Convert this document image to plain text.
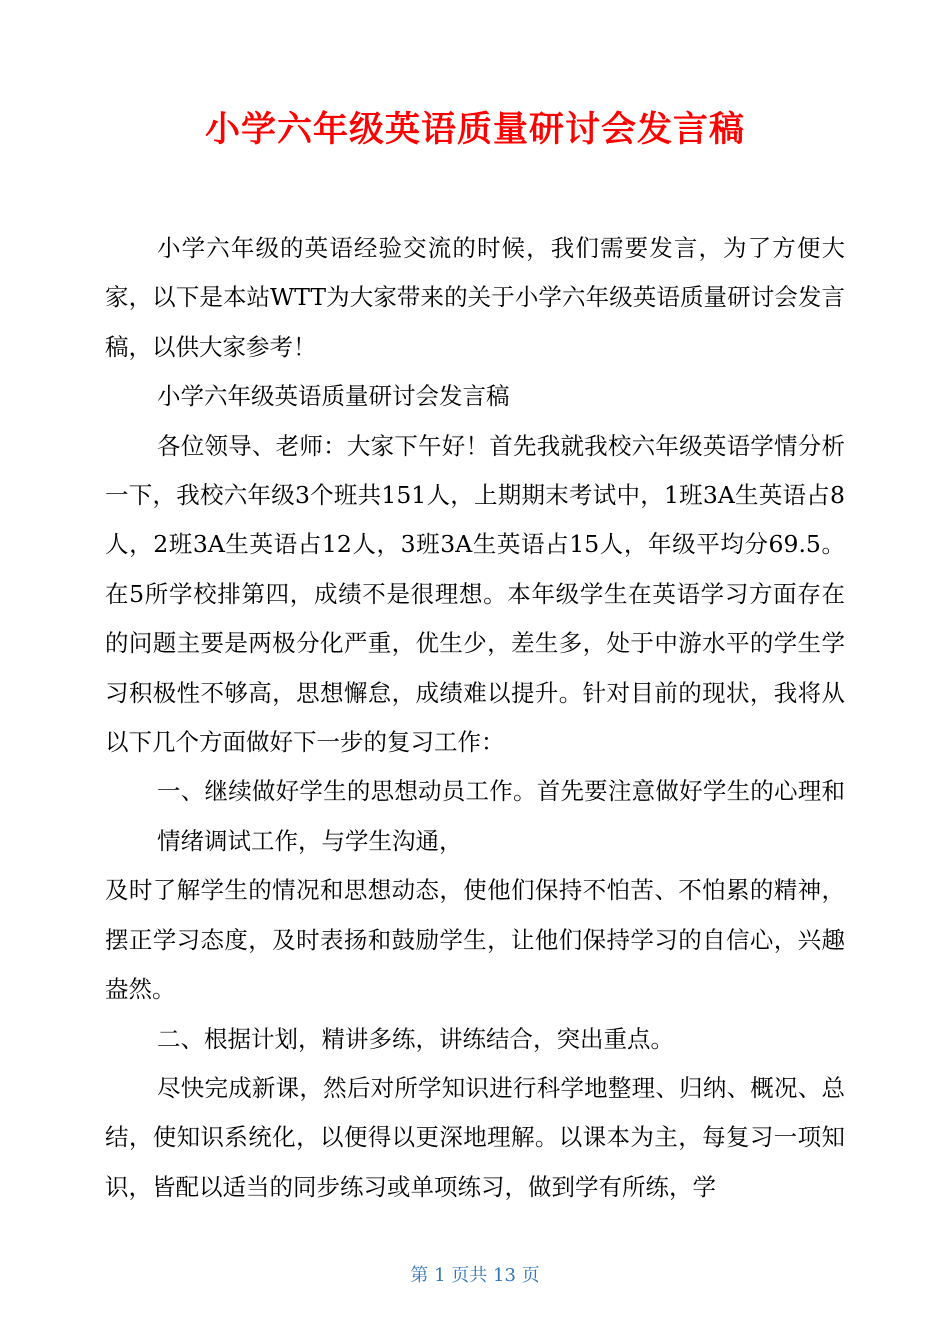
小学六年级英语质量研讨会发言稿

小学六年级的英语经验交流的时候，我们需要发言，为了方便大家，以下是本站WTT为大家带来的关于小学六年级英语质量研讨会发言稿，以供大家参考！

小学六年级英语质量研讨会发言稿

各位领导、老师：大家下午好！首先我就我校六年级英语学情分析一下，我校六年级3个班共151人，上期期末考试中，1班3A生英语占8人，2班3A生英语占12人，3班3A生英语占15人，年级平均分69.5。在5所学校排第四，成绩不是很理想。本年级学生在英语学习方面存在的问题主要是两极分化严重，优生少，差生多，处于中游水平的学生学习积极性不够高，思想懈怠，成绩难以提升。针对目前的现状，我将从以下几个方面做好下一步的复习工作：

一、继续做好学生的思想动员工作。首先要注意做好学生的心理和情绪调试工作，与学生沟通，

及时了解学生的情况和思想动态，使他们保持不怕苦、不怕累的精神，摆正学习态度，及时表扬和鼓励学生，让他们保持学习的自信心，兴趣盎然。

二、根据计划，精讲多练，讲练结合，突出重点。

尽快完成新课，然后对所学知识进行科学地整理、归纳、概况、总结，使知识系统化，以便得以更深地理解。以课本为主，每复习一项知识，皆配以适当的同步练习或单项练习，做到学有所练，学

第 1 页共 13 页
